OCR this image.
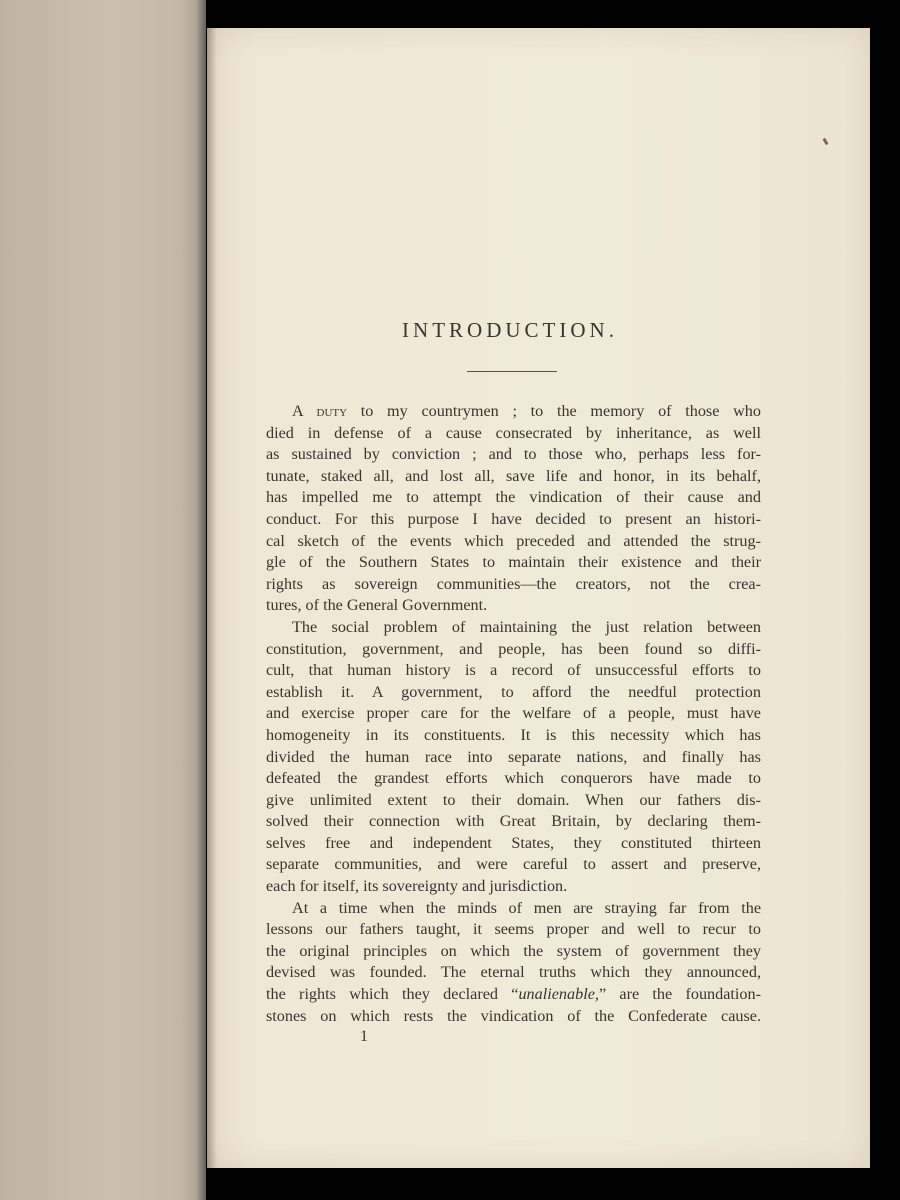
INTRODUCTION.

A duty to my countrymen ; to the memory of those who
died in defense of a cause consecrated by inheritance, as well
as sustained by conviction ; and to those who, perhaps less for-
tunate, staked all, and lost all, save life and honor, in its behalf,
has impelled me to attempt the vindication of their cause and
conduct. For this purpose I have decided to present an histori-
cal sketch of the events which preceded and attended the strug-
gle of the Southern States to maintain their existence and their
rights as sovereign communities—the creators, not the crea-
tures, of the General Government.

The social problem of maintaining the just relation between
constitution, government, and people, has been found so diffi-
cult, that human history is a record of unsuccessful efforts to
establish it. A government, to afford the needful protection
and exercise proper care for the welfare of a people, must have
homogeneity in its constituents. It is this necessity which has
divided the human race into separate nations, and finally has
defeated the grandest efforts which conquerors have made to
give unlimited extent to their domain. When our fathers dis-
solved their connection with Great Britain, by declaring them-
selves free and independent States, they constituted thirteen
separate communities, and were careful to assert and preserve,
each for itself, its sovereignty and jurisdiction.

At a time when the minds of men are straying far from the
lessons our fathers taught, it seems proper and well to recur to
the original principles on which the system of government they
devised was founded. The eternal truths which they announced,
the rights which they declared “unalienable,” are the foundation-
stones on which rests the vindication of the Confederate cause.

1
